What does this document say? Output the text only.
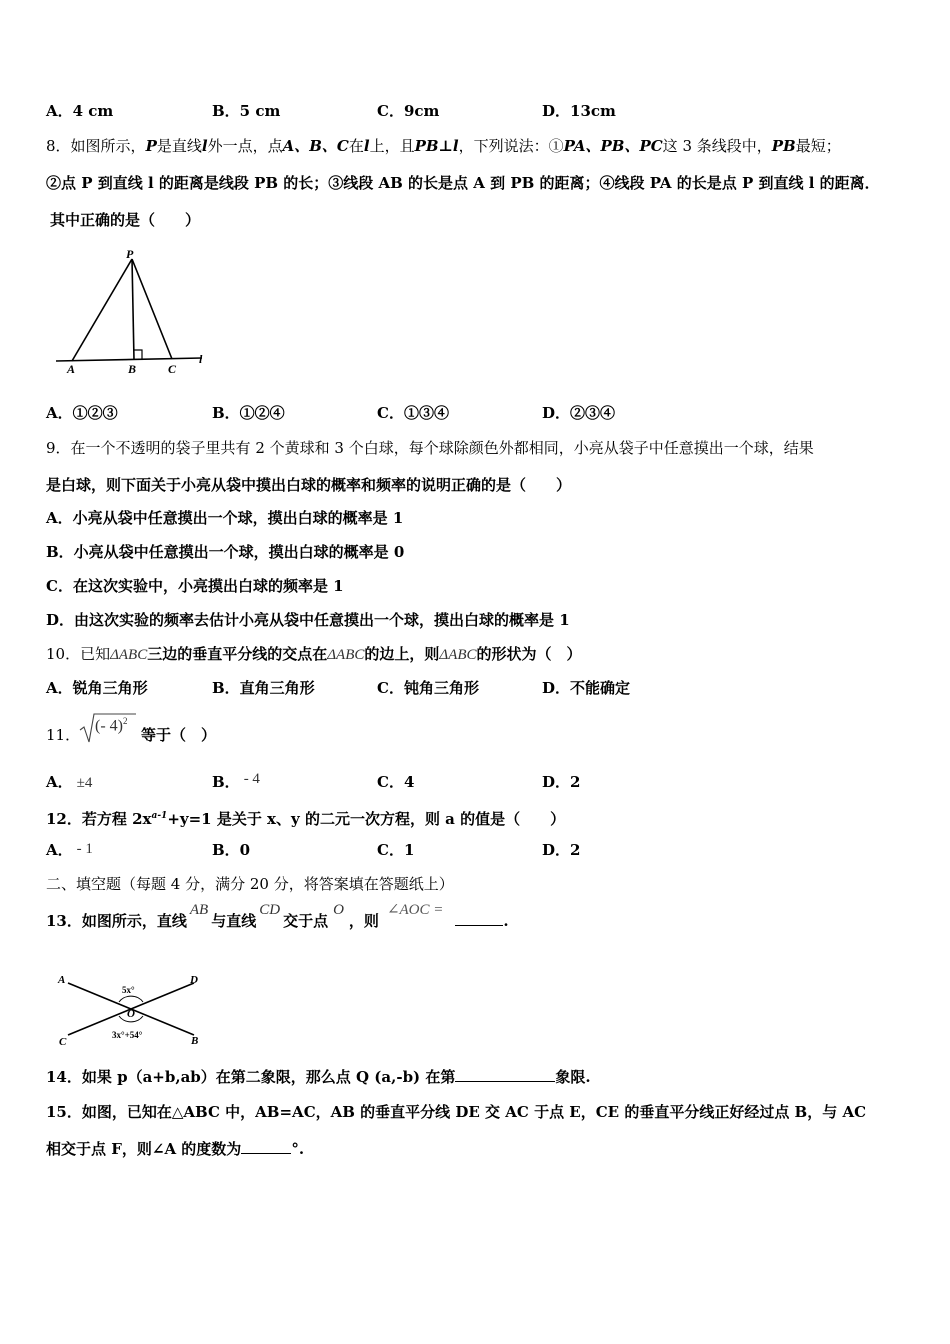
A．4 cm	B．5 cm	C．9cm	D．13cm
8．如图所示，P是直线l外一点，点A、B、C在l上，且PB⊥l，下列说法：①PA、PB、PC这 3 条线段中，PB最短；
②点 P 到直线 l 的距离是线段 PB 的长；③线段 AB 的长是点 A 到 PB 的距离；④线段 PA 的长是点 P 到直线 l 的距离．
其中正确的是（　　）
P
A	B	C
l
A．①②③	B．①②④	C．①③④	D．②③④
9．在一个不透明的袋子里共有 2 个黄球和 3 个白球，每个球除颜色外都相同，小亮从袋子中任意摸出一个球，结果
是白球，则下面关于小亮从袋中摸出白球的概率和频率的说明正确的是（　　）
A．小亮从袋中任意摸出一个球，摸出白球的概率是 1
B．小亮从袋中任意摸出一个球，摸出白球的概率是 0
C．在这次实验中，小亮摸出白球的频率是 1
D．由这次实验的频率去估计小亮从袋中任意摸出一个球，摸出白球的概率是 1
10．已知ΔABC三边的垂直平分线的交点在ΔABC的边上，则ΔABC的形状为（　）
A．锐角三角形	B．直角三角形	C．钝角三角形	D．不能确定
11．
(- 4)$^2$
等于（　）
A． ±4	B． - 4	C．4	D．2
12．若方程 $2x^{a-1}+y=1$ 是关于 x、y 的二元一次方程，则 a 的值是（　　）
A． - 1	B．0	C．1	D．2
二、填空题（每题 4 分，满分 20 分，将答案填在答题纸上）
13．如图所示，直线AB与直线CD交于点O，则∠AOC =.
A	D
C	B
O
5x°
3x°+54°
14．如果 p（a+b,ab）在第二象限，那么点 Q (a,-b) 在第	象限.
15．如图，已知在△ABC 中，AB=AC，AB 的垂直平分线 DE 交 AC 于点 E，CE 的垂直平分线正好经过点 B，与 AC
相交于点 F，则∠A 的度数为	°.
